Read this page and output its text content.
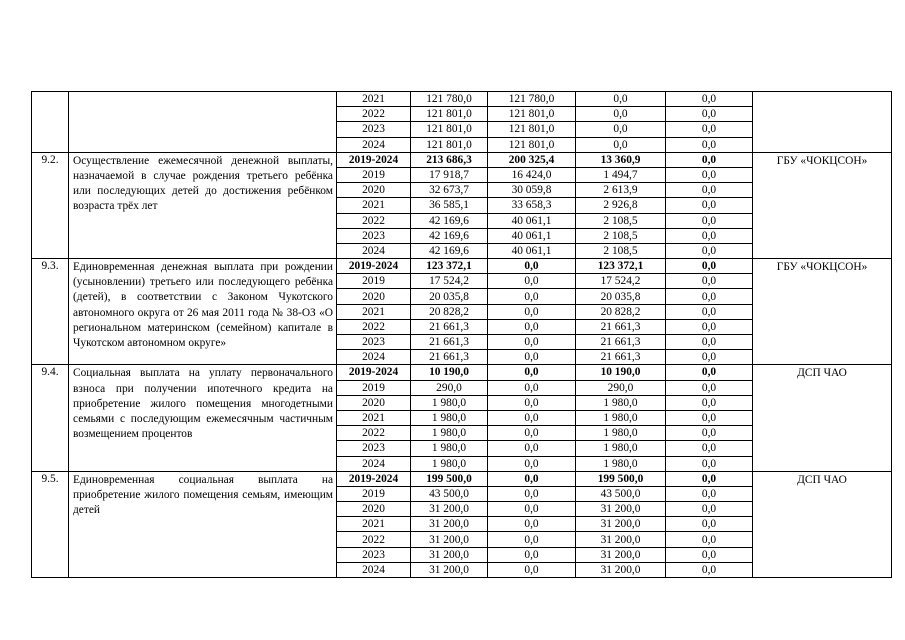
		2021	121 780,0	121 780,0	0,0	0,0	
		2022	121 801,0	121 801,0	0,0	0,0	
		2023	121 801,0	121 801,0	0,0	0,0	
		2024	121 801,0	121 801,0	0,0	0,0	
9.2.	Осуществление ежемесячной денежной выплаты, назначаемой в случае рождения третьего ребёнка или последующих детей до достижения ребёнком возраста трёх лет	2019-2024	213 686,3	200 325,4	13 360,9	0,0	ГБУ «ЧОКЦСОН»
		2019	17 918,7	16 424,0	1 494,7	0,0	
		2020	32 673,7	30 059,8	2 613,9	0,0	
		2021	36 585,1	33 658,3	2 926,8	0,0	
		2022	42 169,6	40 061,1	2 108,5	0,0	
		2023	42 169,6	40 061,1	2 108,5	0,0	
		2024	42 169,6	40 061,1	2 108,5	0,0	
9.3.	Единовременная денежная выплата при рождении (усыновлении) третьего или последующего ребёнка (детей), в соответствии с Законом Чукотского автономного округа от 26 мая 2011 года № 38-ОЗ «О региональном материнском (семейном) капитале в Чукотском автономном округе»	2019-2024	123 372,1	0,0	123 372,1	0,0	ГБУ «ЧОКЦСОН»
		2019	17 524,2	0,0	17 524,2	0,0	
		2020	20 035,8	0,0	20 035,8	0,0	
		2021	20 828,2	0,0	20 828,2	0,0	
		2022	21 661,3	0,0	21 661,3	0,0	
		2023	21 661,3	0,0	21 661,3	0,0	
		2024	21 661,3	0,0	21 661,3	0,0	
9.4.	Социальная выплата на уплату первоначального взноса при получении ипотечного кредита на приобретение жилого помещения многодетными семьями с последующим ежемесячным частичным возмещением процентов	2019-2024	10 190,0	0,0	10 190,0	0,0	ДСП ЧАО
		2019	290,0	0,0	290,0	0,0	
		2020	1 980,0	0,0	1 980,0	0,0	
		2021	1 980,0	0,0	1 980,0	0,0	
		2022	1 980,0	0,0	1 980,0	0,0	
		2023	1 980,0	0,0	1 980,0	0,0	
		2024	1 980,0	0,0	1 980,0	0,0	
9.5.	Единовременная социальная выплата на приобретение жилого помещения семьям, имеющим детей	2019-2024	199 500,0	0,0	199 500,0	0,0	ДСП ЧАО
		2019	43 500,0	0,0	43 500,0	0,0	
		2020	31 200,0	0,0	31 200,0	0,0	
		2021	31 200,0	0,0	31 200,0	0,0	
		2022	31 200,0	0,0	31 200,0	0,0	
		2023	31 200,0	0,0	31 200,0	0,0	
		2024	31 200,0	0,0	31 200,0	0,0	
